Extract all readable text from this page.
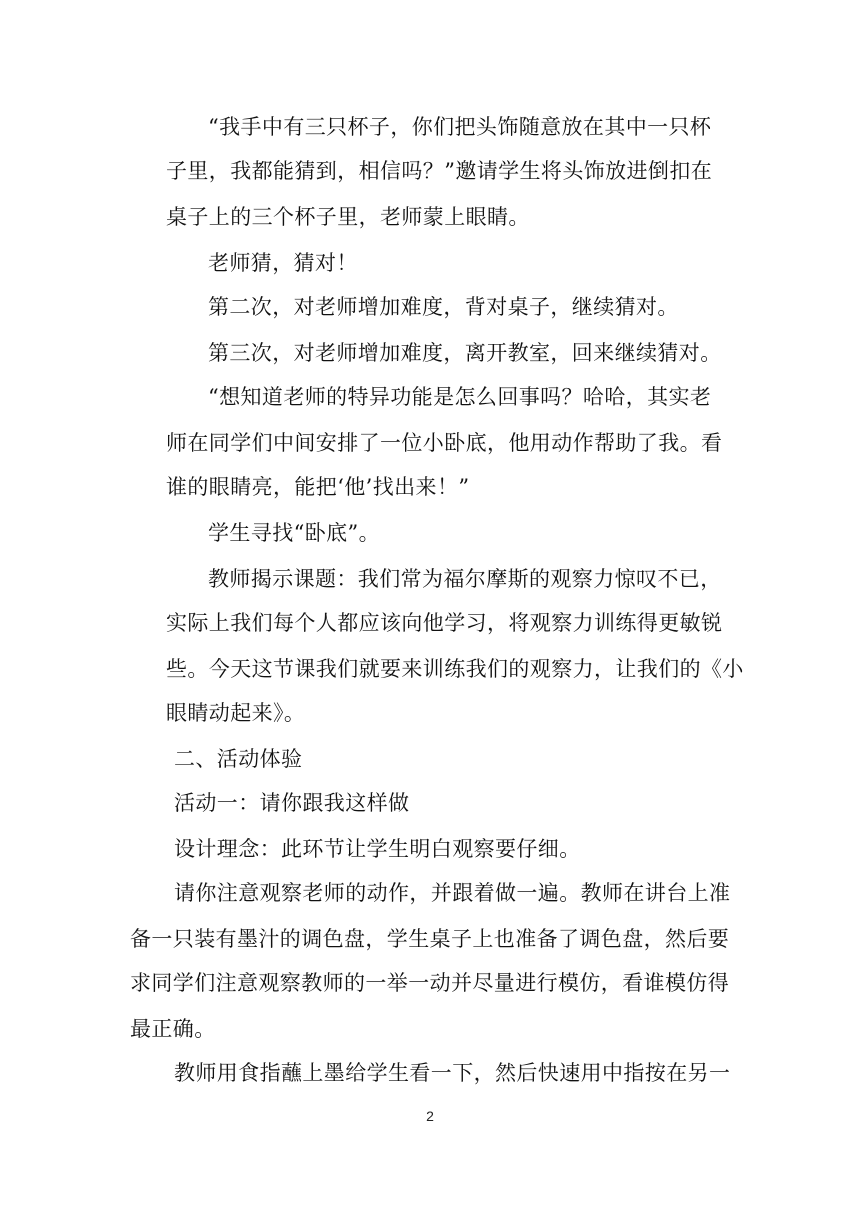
“我手中有三只杯子，你们把头饰随意放在其中一只杯
子里，我都能猜到，相信吗？”邀请学生将头饰放进倒扣在
桌子上的三个杯子里，老师蒙上眼睛。
老师猜，猜对！
第二次，对老师增加难度，背对桌子，继续猜对。
第三次，对老师增加难度，离开教室，回来继续猜对。
“想知道老师的特异功能是怎么回事吗？哈哈，其实老
师在同学们中间安排了一位小卧底，他用动作帮助了我。看
谁的眼睛亮，能把‘他’找出来！”
学生寻找“卧底”。
教师揭示课题：我们常为福尔摩斯的观察力惊叹不已，
实际上我们每个人都应该向他学习，将观察力训练得更敏锐
些。今天这节课我们就要来训练我们的观察力，让我们的《小
眼睛动起来》。
二、活动体验
活动一：请你跟我这样做
设计理念：此环节让学生明白观察要仔细。
请你注意观察老师的动作，并跟着做一遍。教师在讲台上准
备一只装有墨汁的调色盘，学生桌子上也准备了调色盘，然后要
求同学们注意观察教师的一举一动并尽量进行模仿，看谁模仿得
最正确。
教师用食指蘸上墨给学生看一下，然后快速用中指按在另一
2
